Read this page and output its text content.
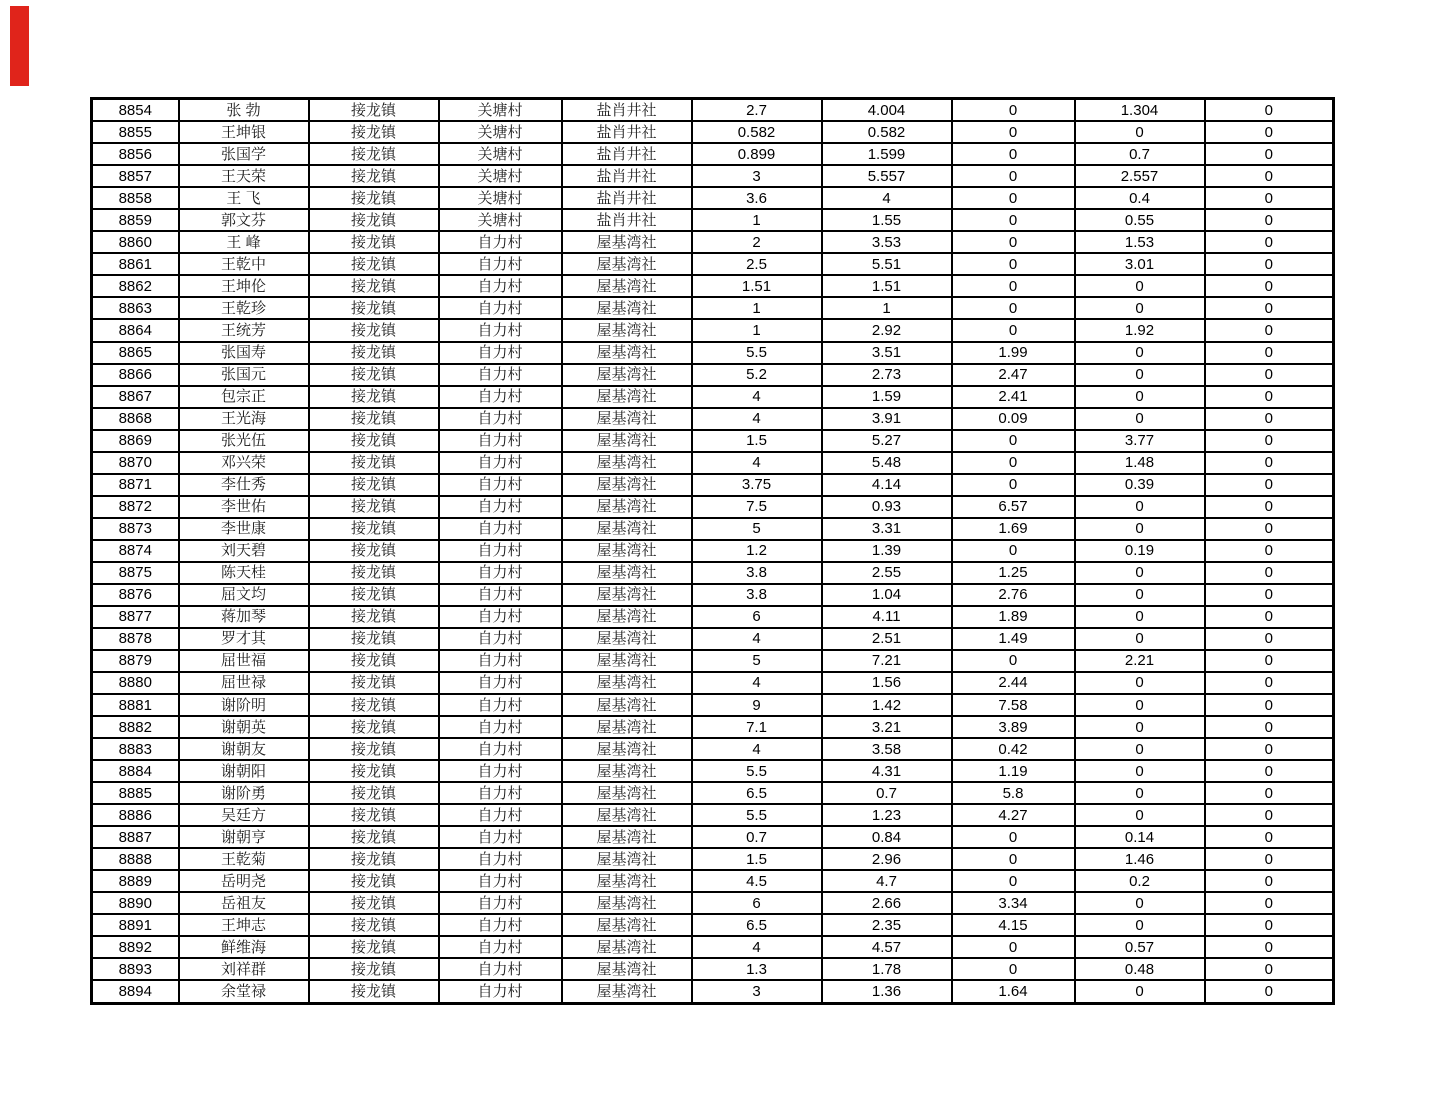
8854	张 勃	接龙镇	关塘村	盐肖井社	2.7	4.004	0	1.304	0
8855	王坤银	接龙镇	关塘村	盐肖井社	0.582	0.582	0	0	0
8856	张国学	接龙镇	关塘村	盐肖井社	0.899	1.599	0	0.7	0
8857	王天荣	接龙镇	关塘村	盐肖井社	3	5.557	0	2.557	0
8858	王 飞	接龙镇	关塘村	盐肖井社	3.6	4	0	0.4	0
8859	郭文芬	接龙镇	关塘村	盐肖井社	1	1.55	0	0.55	0
8860	王 峰	接龙镇	自力村	屋基湾社	2	3.53	0	1.53	0
8861	王乾中	接龙镇	自力村	屋基湾社	2.5	5.51	0	3.01	0
8862	王坤伦	接龙镇	自力村	屋基湾社	1.51	1.51	0	0	0
8863	王乾珍	接龙镇	自力村	屋基湾社	1	1	0	0	0
8864	王统芳	接龙镇	自力村	屋基湾社	1	2.92	0	1.92	0
8865	张国寿	接龙镇	自力村	屋基湾社	5.5	3.51	1.99	0	0
8866	张国元	接龙镇	自力村	屋基湾社	5.2	2.73	2.47	0	0
8867	包宗正	接龙镇	自力村	屋基湾社	4	1.59	2.41	0	0
8868	王光海	接龙镇	自力村	屋基湾社	4	3.91	0.09	0	0
8869	张光伍	接龙镇	自力村	屋基湾社	1.5	5.27	0	3.77	0
8870	邓兴荣	接龙镇	自力村	屋基湾社	4	5.48	0	1.48	0
8871	李仕秀	接龙镇	自力村	屋基湾社	3.75	4.14	0	0.39	0
8872	李世佑	接龙镇	自力村	屋基湾社	7.5	0.93	6.57	0	0
8873	李世康	接龙镇	自力村	屋基湾社	5	3.31	1.69	0	0
8874	刘天碧	接龙镇	自力村	屋基湾社	1.2	1.39	0	0.19	0
8875	陈天桂	接龙镇	自力村	屋基湾社	3.8	2.55	1.25	0	0
8876	屈文均	接龙镇	自力村	屋基湾社	3.8	1.04	2.76	0	0
8877	蒋加琴	接龙镇	自力村	屋基湾社	6	4.11	1.89	0	0
8878	罗才其	接龙镇	自力村	屋基湾社	4	2.51	1.49	0	0
8879	屈世福	接龙镇	自力村	屋基湾社	5	7.21	0	2.21	0
8880	屈世禄	接龙镇	自力村	屋基湾社	4	1.56	2.44	0	0
8881	谢阶明	接龙镇	自力村	屋基湾社	9	1.42	7.58	0	0
8882	谢朝英	接龙镇	自力村	屋基湾社	7.1	3.21	3.89	0	0
8883	谢朝友	接龙镇	自力村	屋基湾社	4	3.58	0.42	0	0
8884	谢朝阳	接龙镇	自力村	屋基湾社	5.5	4.31	1.19	0	0
8885	谢阶勇	接龙镇	自力村	屋基湾社	6.5	0.7	5.8	0	0
8886	吴廷方	接龙镇	自力村	屋基湾社	5.5	1.23	4.27	0	0
8887	谢朝亨	接龙镇	自力村	屋基湾社	0.7	0.84	0	0.14	0
8888	王乾菊	接龙镇	自力村	屋基湾社	1.5	2.96	0	1.46	0
8889	岳明尧	接龙镇	自力村	屋基湾社	4.5	4.7	0	0.2	0
8890	岳祖友	接龙镇	自力村	屋基湾社	6	2.66	3.34	0	0
8891	王坤志	接龙镇	自力村	屋基湾社	6.5	2.35	4.15	0	0
8892	鲜维海	接龙镇	自力村	屋基湾社	4	4.57	0	0.57	0
8893	刘祥群	接龙镇	自力村	屋基湾社	1.3	1.78	0	0.48	0
8894	余堂禄	接龙镇	自力村	屋基湾社	3	1.36	1.64	0	0
